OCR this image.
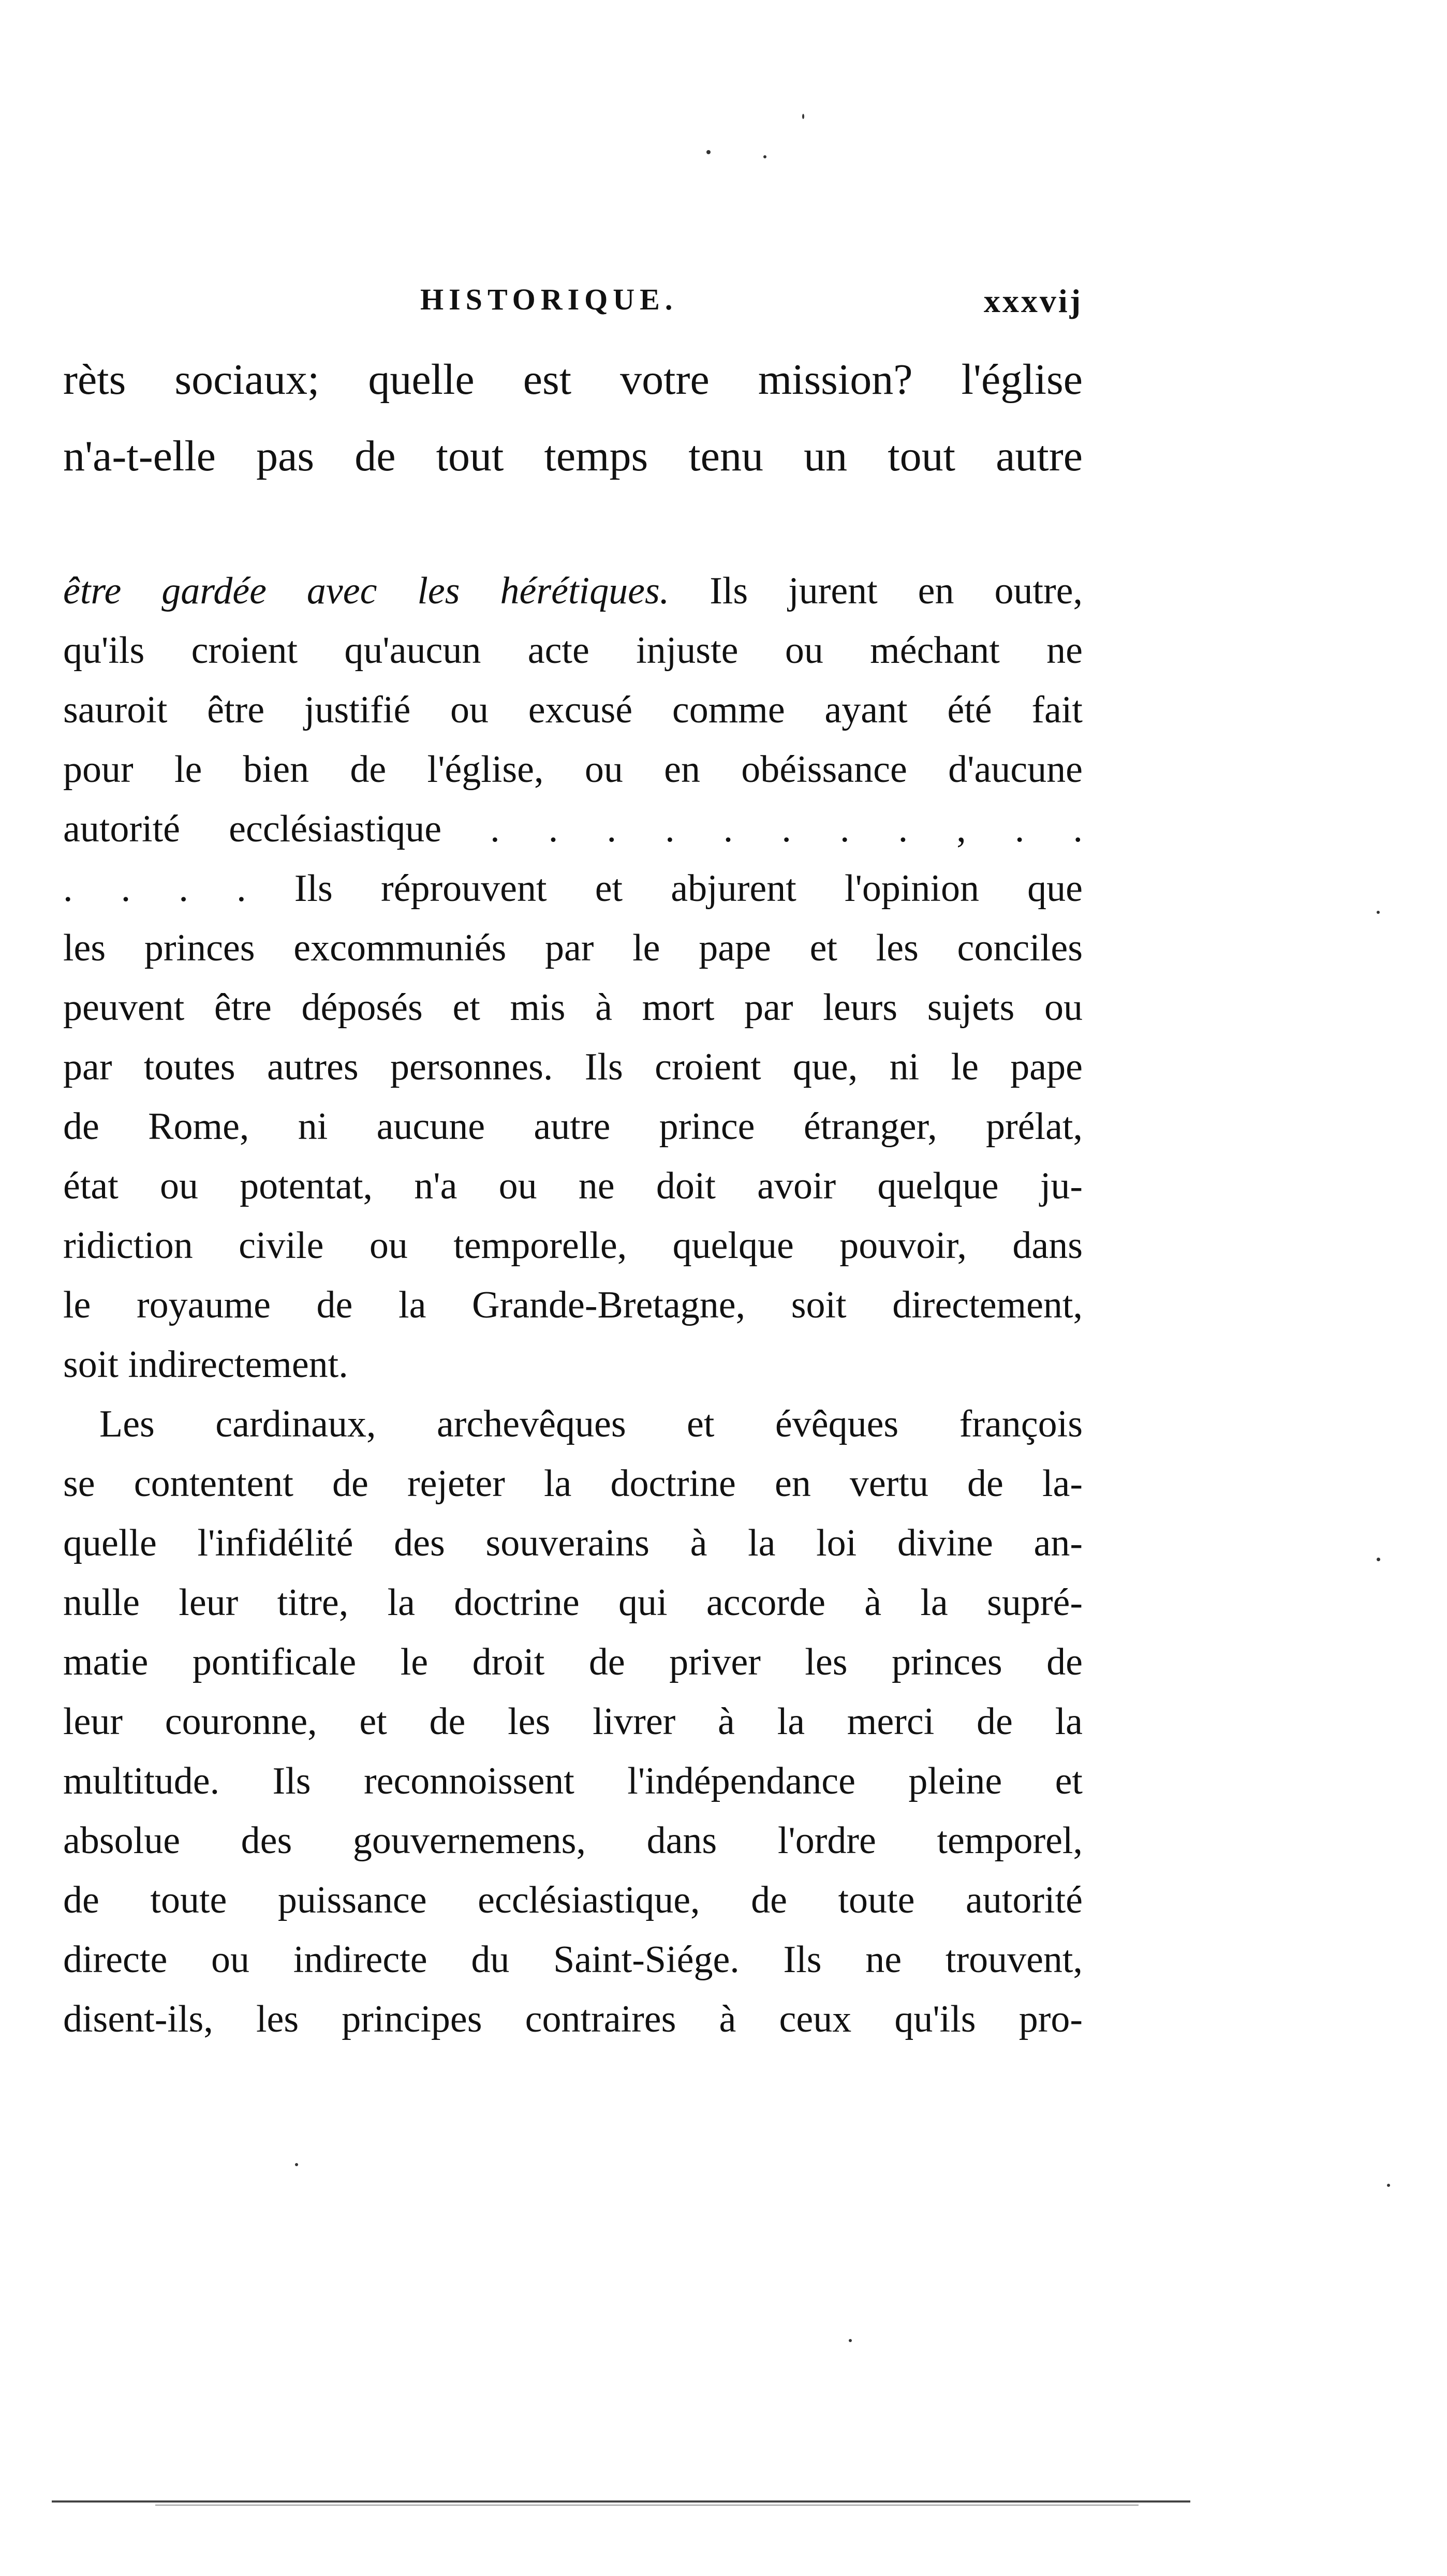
HISTORIQUE.	xxxvij
rèts sociaux; quelle est votre mission? l'église
n'a-t-elle pas de tout temps tenu un tout autre
être gardée avec les hérétiques. Ils jurent en outre,
qu'ils croient qu'aucun acte injuste ou méchant ne
sauroit être justifié ou excusé comme ayant été fait
pour le bien de l'église, ou en obéissance d'aucune
autorité ecclésiastique . . . . . . . . , . .
. . . . Ils réprouvent et abjurent l'opinion que
les princes excommuniés par le pape et les conciles
peuvent être déposés et mis à mort par leurs sujets ou
par toutes autres personnes. Ils croient que, ni le pape
de Rome, ni aucune autre prince étranger, prélat,
état ou potentat, n'a ou ne doit avoir quelque ju-
ridiction civile ou temporelle, quelque pouvoir, dans
le royaume de la Grande-Bretagne, soit directement,
soit indirectement.
Les cardinaux, archevêques et évêques françois
se contentent de rejeter la doctrine en vertu de la-
quelle l'infidélité des souverains à la loi divine an-
nulle leur titre, la doctrine qui accorde à la supré-
matie pontificale le droit de priver les princes de
leur couronne, et de les livrer à la merci de la
multitude. Ils reconnoissent l'indépendance pleine et
absolue des gouvernemens, dans l'ordre temporel,
de toute puissance ecclésiastique, de toute autorité
directe ou indirecte du Saint-Siége. Ils ne trouvent,
disent-ils, les principes contraires à ceux qu'ils pro-
